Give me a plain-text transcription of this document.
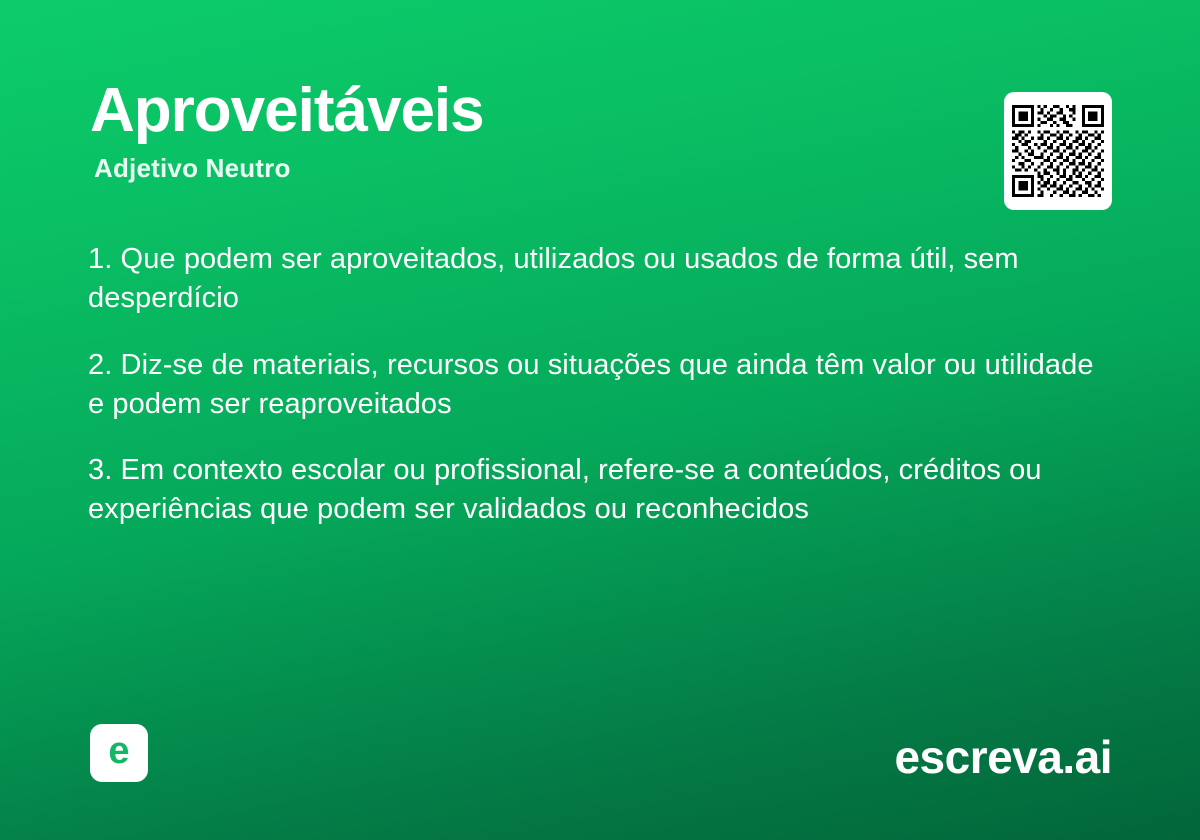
Aproveitáveis
Adjetivo Neutro

1. Que podem ser aproveitados, utilizados ou usados de forma útil, sem desperdício

2. Diz-se de materiais, recursos ou situações que ainda têm valor ou utilidade e podem ser reaproveitados

3. Em contexto escolar ou profissional, refere-se a conteúdos, créditos ou experiências que podem ser validados ou reconhecidos

e	escreva.ai
